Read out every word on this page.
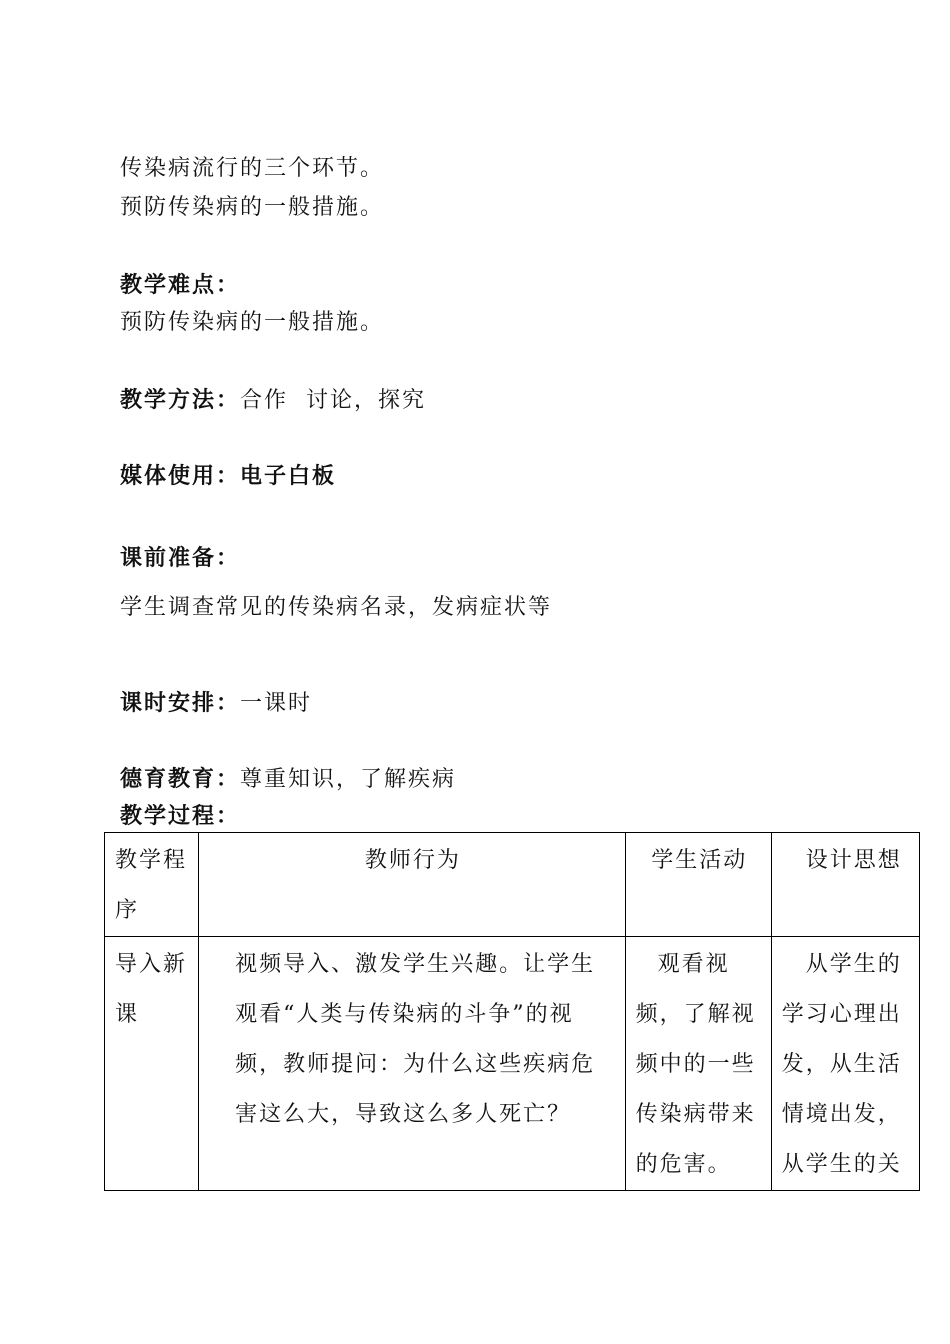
传染病流行的三个环节。
预防传染病的一般措施。
教学难点：
预防传染病的一般措施。
教学方法：合作  讨论，探究
媒体使用：电子白板
课前准备：
学生调查常见的传染病名录，发病症状等
课时安排：一课时
德育教育：尊重知识，了解疾病
教学过程：
教学程序	教师行为	学生活动	设计思想

导入新课	视频导入、激发学生兴趣。让学生观看“人类与传染病的斗争”的视频，教师提问：为什么这些疾病危害这么大，导致这么多人死亡？	观看视频，了解视频中的一些传染病带来的危害。	从学生的学习心理出发，从生活情境出发，从学生的关
